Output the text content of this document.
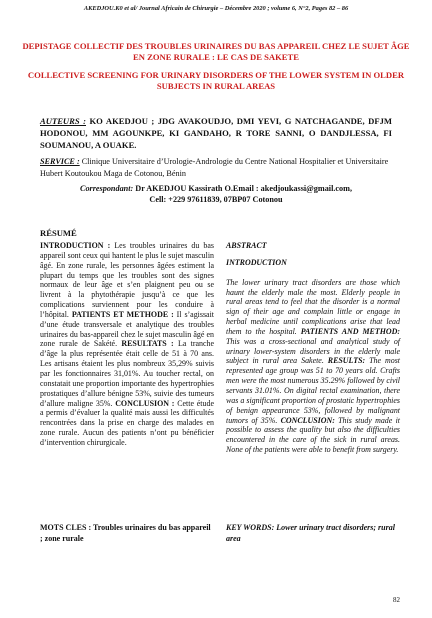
AKEDJOU.K0 et al/ Journal Africain de Chirurgie – Décembre 2020 ; volume 6, N°2, Pages 82 – 86
DEPISTAGE COLLECTIF DES TROUBLES URINAIRES DU BAS APPAREIL CHEZ LE SUJET ÂGE EN ZONE RURALE : LE CAS DE SAKETE
COLLECTIVE SCREENING FOR URINARY DISORDERS OF THE LOWER SYSTEM IN OLDER SUBJECTS IN RURAL AREAS
AUTEURS : KO AKEDJOU ; JDG AVAKOUDJO, DMI YEVI, G NATCHAGANDE, DFJM HODONOU, MM AGOUNKPE, KI GANDAHO, R TORE SANNI, O DANDJLESSA, FI SOUMANOU, A OUAKE.
SERVICE : Clinique Universitaire d’Urologie-Andrologie du Centre National Hospitalier et Universitaire Hubert Koutoukou Maga de Cotonou, Bénin
Correspondant: Dr AKEDJOU Kassirath O.Email : akedjoukassi@gmail.com,
Cell: +229 97611839, 07BP07 Cotonou
RÉSUMÉ
INTRODUCTION : Les troubles urinaires du bas appareil sont ceux qui hantent le plus le sujet masculin âgé. En zone rurale, les personnes âgées estiment la plupart du temps que les troubles sont des signes normaux de leur âge et s’en plaignent peu ou se livrent à la phytothérapie jusqu’à ce que les complications surviennent pour les conduire à l’hôpital. PATIENTS ET METHODE : Il s’agissait d’une étude transversale et analytique des troubles urinaires du bas-appareil chez le sujet masculin âgé en zone rurale de Sakété. RESULTATS : La tranche d’âge la plus représentée était celle de 51 à 70 ans. Les artisans étaient les plus nombreux 35,29% suivis par les fonctionnaires 31,01%. Au toucher rectal, on constatait une proportion importante des hypertrophies prostatiques d’allure bénigne 53%, suivie des tumeurs d’allure maligne 35%. CONCLUSION : Cette étude a permis d’évaluer la qualité mais aussi les difficultés rencontrées dans la prise en charge des malades en zone rurale. Aucun des patients n’ont pu bénéficier d’intervention chirurgicale.
MOTS CLES : Troubles urinaires du bas appareil ; zone rurale
ABSTRACT
INTRODUCTION
The lower urinary tract disorders are those which haunt the elderly male the most. Elderly people in rural areas tend to feel that the disorder is a normal sign of their age and complain little or engage in herbal medicine until complications arise that lead them to the hospital. PATIENTS AND METHOD: This was a cross-sectional and analytical study of urinary lower-system disorders in the elderly male subject in rural area Sakete. RESULTS: The most represented age group was 51 to 70 years old. Crafts men were the most numerous 35.29% followed by civil servants 31.01%. On digital rectal examination, there was a significant proportion of prostatic hypertrophies of benign appearance 53%, followed by malignant tumors of 35%. CONCLUSION: This study made it possible to assess the quality but also the difficulties encountered in the care of the sick in rural areas. None of the patients were able to benefit from surgery.
KEY WORDS: Lower urinary tract disorders; rural area
82
